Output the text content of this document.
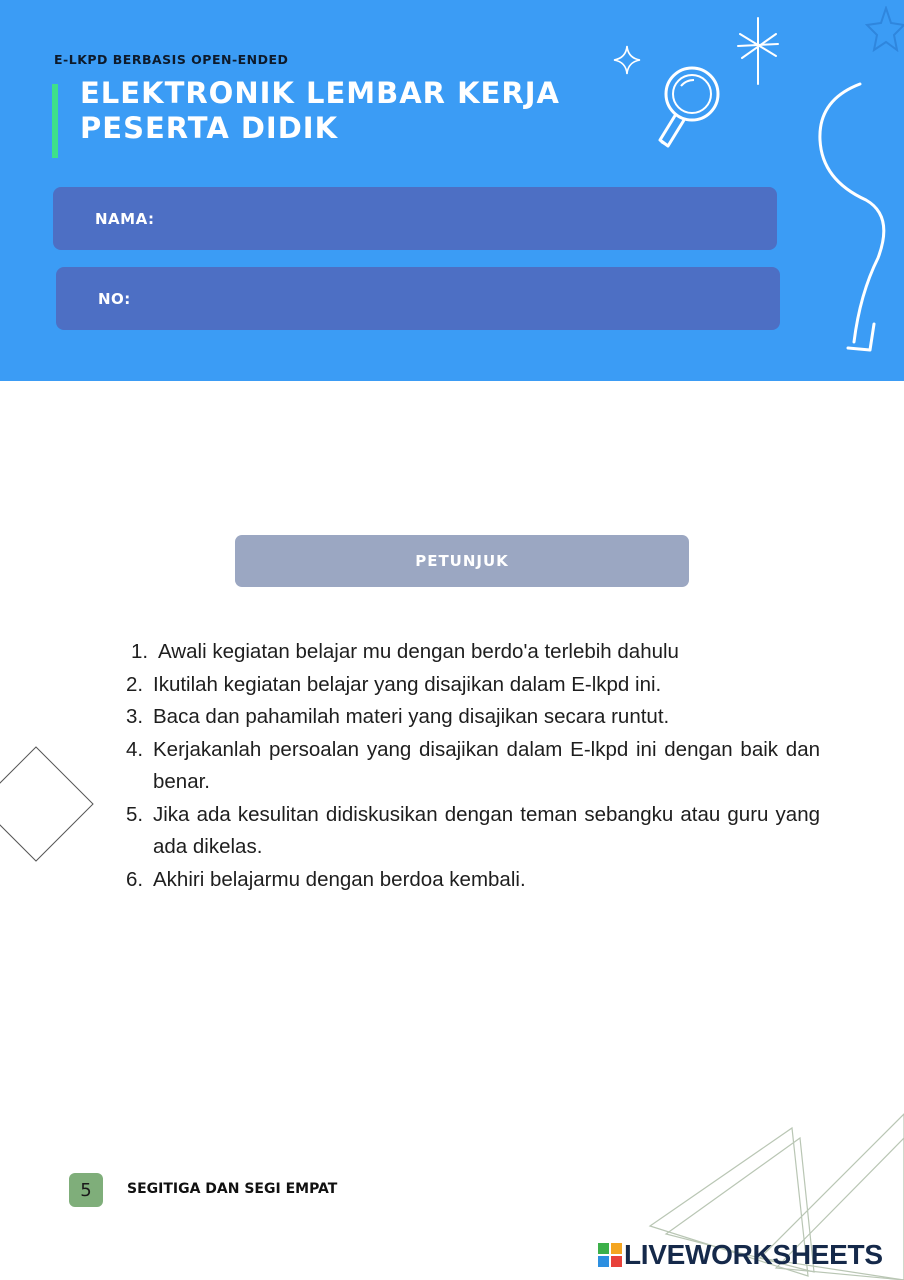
E-LKPD BERBASIS OPEN-ENDED
ELEKTRONIK LEMBAR KERJA
PESERTA DIDIK
NAMA:
NO:
PETUNJUK
1. Awali kegiatan belajar mu dengan berdo'a terlebih dahulu
2. Ikutilah kegiatan belajar yang disajikan dalam E-lkpd ini.
3. Baca dan pahamilah materi yang disajikan secara runtut.
4. Kerjakanlah persoalan yang disajikan dalam E-lkpd ini dengan baik dan benar.
5. Jika ada kesulitan didiskusikan dengan teman sebangku atau guru yang ada dikelas.
6. Akhiri belajarmu dengan berdoa kembali.
5	SEGITIGA DAN SEGI EMPAT
LIVEWORKSHEETS
